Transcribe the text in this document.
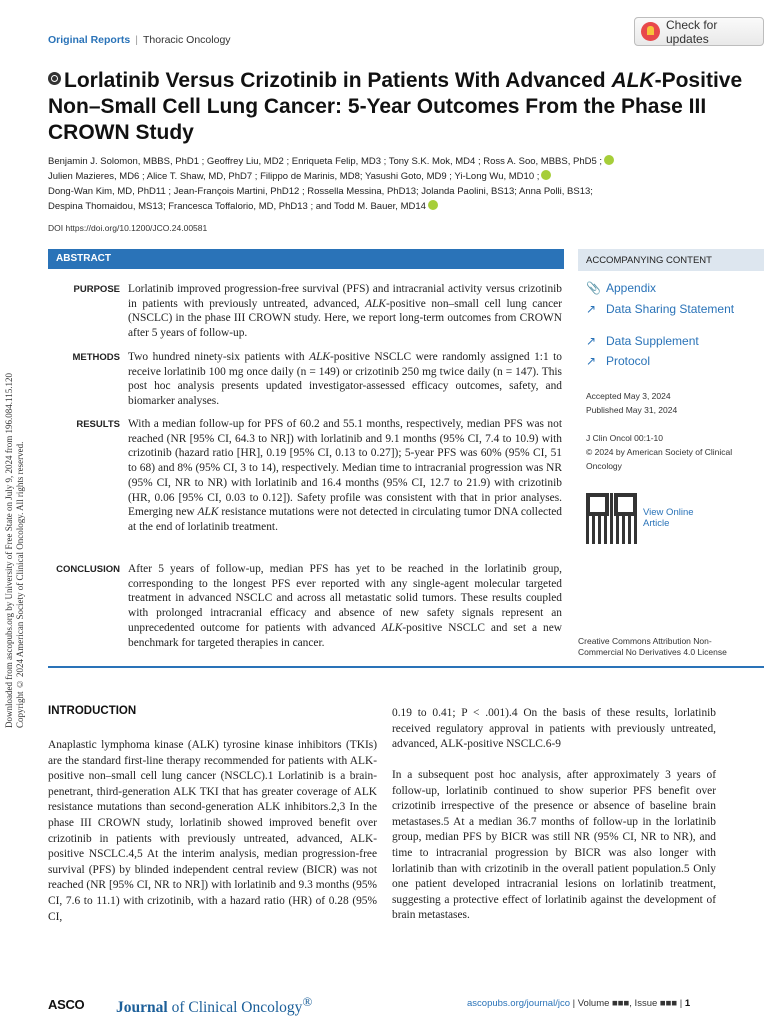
Downloaded from ascopubs.org by University of Free State on July 9, 2024 from 196.084.115.120 Copyright © 2024 American Society of Clinical Oncology. All rights reserved.
Original Reports | Thoracic Oncology
Check for updates
Lorlatinib Versus Crizotinib in Patients With Advanced ALK-Positive Non–Small Cell Lung Cancer: 5-Year Outcomes From the Phase III CROWN Study
Benjamin J. Solomon, MBBS, PhD1 ; Geoffrey Liu, MD2 ; Enriqueta Felip, MD3 ; Tony S.K. Mok, MD4 ; Ross A. Soo, MBBS, PhD5 ;
Julien Mazieres, MD6 ; Alice T. Shaw, MD, PhD7 ; Filippo de Marinis, MD8; Yasushi Goto, MD9 ; Yi-Long Wu, MD10 ;
Dong-Wan Kim, MD, PhD11 ; Jean-François Martini, PhD12 ; Rossella Messina, PhD13; Jolanda Paolini, BS13; Anna Polli, BS13;
Despina Thomaidou, MS13; Francesca Toffalorio, MD, PhD13 ; and Todd M. Bauer, MD14
DOI https://doi.org/10.1200/JCO.24.00581
ABSTRACT	ACCOMPANYING CONTENT
PURPOSE Lorlatinib improved progression-free survival (PFS) and intracranial activity versus crizotinib in patients with previously untreated, advanced, ALK-positive non–small cell lung cancer (NSCLC) in the phase III CROWN study. Here, we report long-term outcomes from CROWN after 5 years of follow-up.
METHODS Two hundred ninety-six patients with ALK-positive NSCLC were randomly assigned 1:1 to receive lorlatinib 100 mg once daily (n = 149) or crizotinib 250 mg twice daily (n = 147). This post hoc analysis presents updated investigator-assessed efficacy outcomes, safety, and biomarker analyses.
RESULTS With a median follow-up for PFS of 60.2 and 55.1 months, respectively, median PFS was not reached (NR [95% CI, 64.3 to NR]) with lorlatinib and 9.1 months (95% CI, 7.4 to 10.9) with crizotinib (hazard ratio [HR], 0.19 [95% CI, 0.13 to 0.27]); 5-year PFS was 60% (95% CI, 51 to 68) and 8% (95% CI, 3 to 14), respectively. Median time to intracranial progression was NR (95% CI, NR to NR) with lorlatinib and 16.4 months (95% CI, 12.7 to 21.9) with crizotinib (HR, 0.06 [95% CI, 0.03 to 0.12]). Safety profile was consistent with that in prior analyses. Emerging new ALK resistance mutations were not detected in circulating tumor DNA collected at the end of lorlatinib treatment.
CONCLUSION After 5 years of follow-up, median PFS has yet to be reached in the lorlatinib group, corresponding to the longest PFS ever reported with any single-agent molecular targeted treatment in advanced NSCLC and across all metastatic solid tumors. These results coupled with prolonged intracranial efficacy and absence of new safety signals represent an unprecedented outcome for patients with advanced ALK-positive NSCLC and set a new benchmark for targeted therapies in cancer.
📎 Appendix
↗ Data Sharing Statement
↗ Data Supplement
↗ Protocol
Accepted May 3, 2024
Published May 31, 2024
J Clin Oncol 00:1-10
© 2024 by American Society of Clinical Oncology
View Online Article
Creative Commons Attribution Non-Commercial No Derivatives 4.0 License
INTRODUCTION
Anaplastic lymphoma kinase (ALK) tyrosine kinase inhibitors (TKIs) are the standard first-line therapy recommended for patients with ALK-positive non–small cell lung cancer (NSCLC).1 Lorlatinib is a brain-penetrant, third-generation ALK TKI that has greater coverage of ALK resistance mutations than second-generation ALK inhibitors.2,3 In the phase III CROWN study, lorlatinib showed improved benefit over crizotinib in patients with previously untreated, advanced, ALK-positive NSCLC.4,5 At the interim analysis, median progression-free survival (PFS) by blinded independent central review (BICR) was not reached (NR [95% CI, NR to NR]) with lorlatinib and 9.3 months (95% CI, 7.6 to 11.1) with crizotinib, with a hazard ratio (HR) of 0.28 (95% CI,
0.19 to 0.41; P < .001).4 On the basis of these results, lorlatinib received regulatory approval in patients with previously untreated, advanced, ALK-positive NSCLC.6-9
In a subsequent post hoc analysis, after approximately 3 years of follow-up, lorlatinib continued to show superior PFS benefit over crizotinib irrespective of the presence or absence of baseline brain metastases.5 At a median 36.7 months of follow-up in the lorlatinib group, median PFS by BICR was still NR (95% CI, NR to NR), and time to intracranial progression by BICR was also longer with lorlatinib than with crizotinib in the overall patient population.5 Only one patient developed intracranial lesions on lorlatinib treatment, suggesting a protective effect of lorlatinib against the development of brain metastases.
ASCO Journal of Clinical Oncology®	ascopubs.org/journal/jco | Volume ■■■, Issue ■■■ | 1
